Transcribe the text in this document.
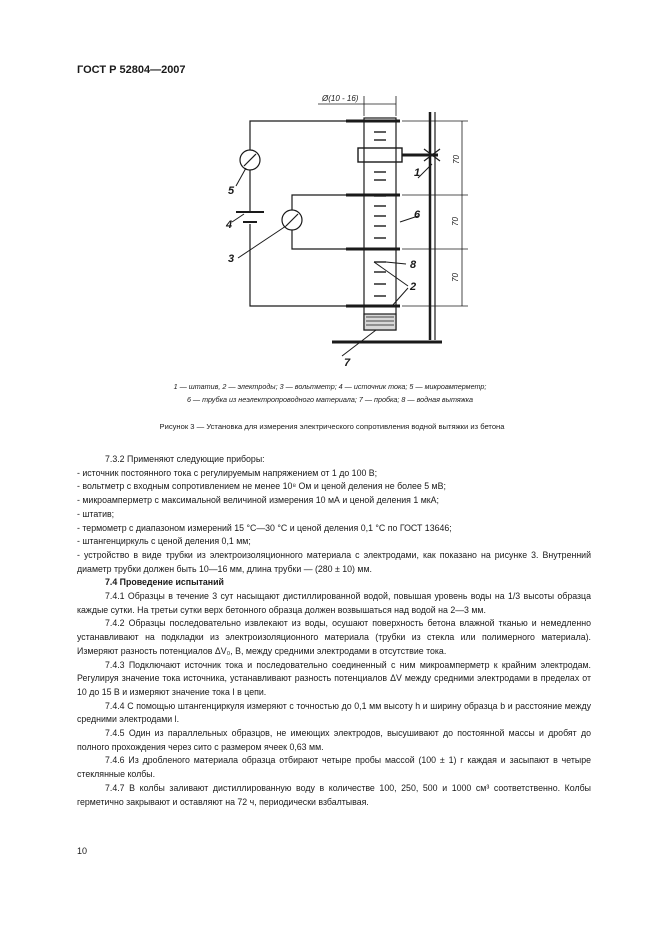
ГОСТ Р 52804—2007
Ø(10 - 16)
70
70
70
1
2
3
4
5
6
7
8
1 — штатив, 2 — электроды; 3 — вольтметр; 4 — источник тока; 5 — микроамперметр;
6 — трубка из неэлектропроводного материала; 7 — пробка; 8 — водная вытяжка
Рисунок 3 — Установка для измерения электрического сопротивления водной вытяжки из бетона

7.3.2 Применяют следующие приборы:

- источник постоянного тока с регулируемым напряжением от 1 до 100 В;

- вольтметр с входным сопротивлением не менее 10⁸ Ом и ценой деления не более 5 мВ;

- микроамперметр с максимальной величиной измерения 10 мА и ценой деления 1 мкА;

- штатив;

- термометр с диапазоном измерений 15 °С—30 °С и ценой деления 0,1 °С по ГОСТ 13646;

- штангенциркуль с ценой деления 0,1 мм;

- устройство в виде трубки из электроизоляционного материала с электродами, как показано на рисунке 3. Внутренний диаметр трубки должен быть 10—16 мм, длина трубки — (280 ± 10) мм.

7.4 Проведение испытаний

7.4.1 Образцы в течение 3 сут насыщают дистиллированной водой, повышая уровень воды на 1/3 высоты образца каждые сутки. На третьи сутки верх бетонного образца должен возвышаться над водой на 2—3 мм.

7.4.2 Образцы последовательно извлекают из воды, осушают поверхность бетона влажной тканью и немедленно устанавливают на подкладки из электроизоляционного материала (трубки из стекла или полимерного материала). Измеряют разность потенциалов ΔV₀, В, между средними электродами в отсутствие тока.

7.4.3 Подключают источник тока и последовательно соединенный с ним микроамперметр к крайним электродам. Регулируя значение тока источника, устанавливают разность потенциалов ΔV между средними электродами в пределах от 10 до 15 В и измеряют значение тока I в цепи.

7.4.4 С помощью штангенциркуля измеряют с точностью до 0,1 мм высоту h и ширину образца b и расстояние между средними электродами l.

7.4.5 Один из параллельных образцов, не имеющих электродов, высушивают до постоянной массы и дробят до полного прохождения через сито с размером ячеек 0,63 мм.

7.4.6 Из дробленого материала образца отбирают четыре пробы массой (100 ± 1) г каждая и засыпают в четыре стеклянные колбы.

7.4.7 В колбы заливают дистиллированную воду в количестве 100, 250, 500 и 1000 см³ соответственно. Колбы герметично закрывают и оставляют на 72 ч, периодически взбалтывая.

10
